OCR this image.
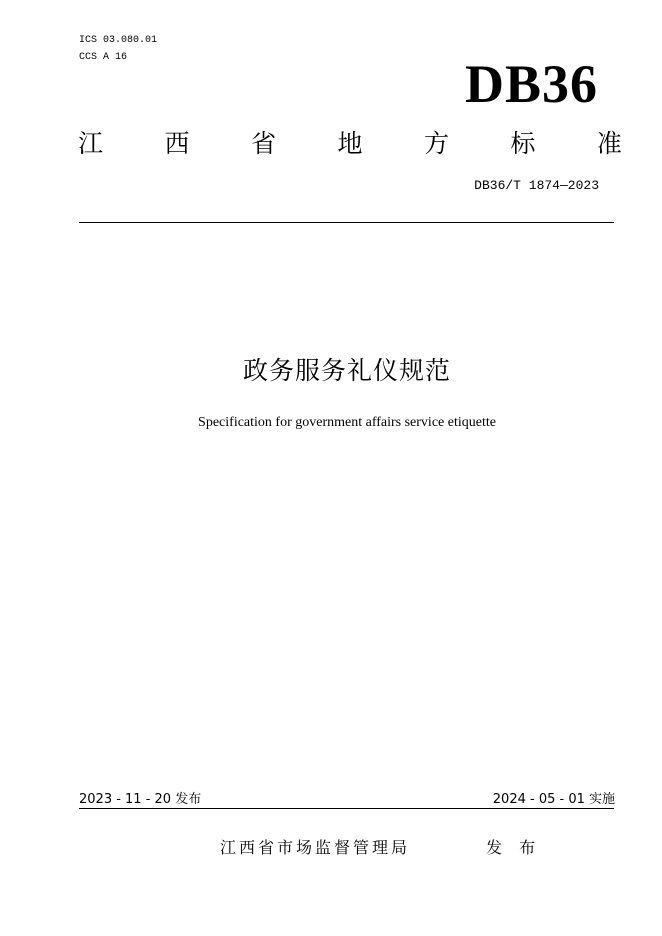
ICS 03.080.01
CCS A 16	DB36
江 西 省 地 方 标 准
DB36/T 1874—2023
政务服务礼仪规范
Specification for government affairs service etiquette
2023 - 11 - 20 发布	2024 - 05 - 01 实施
江西省市场监督管理局	发 布
